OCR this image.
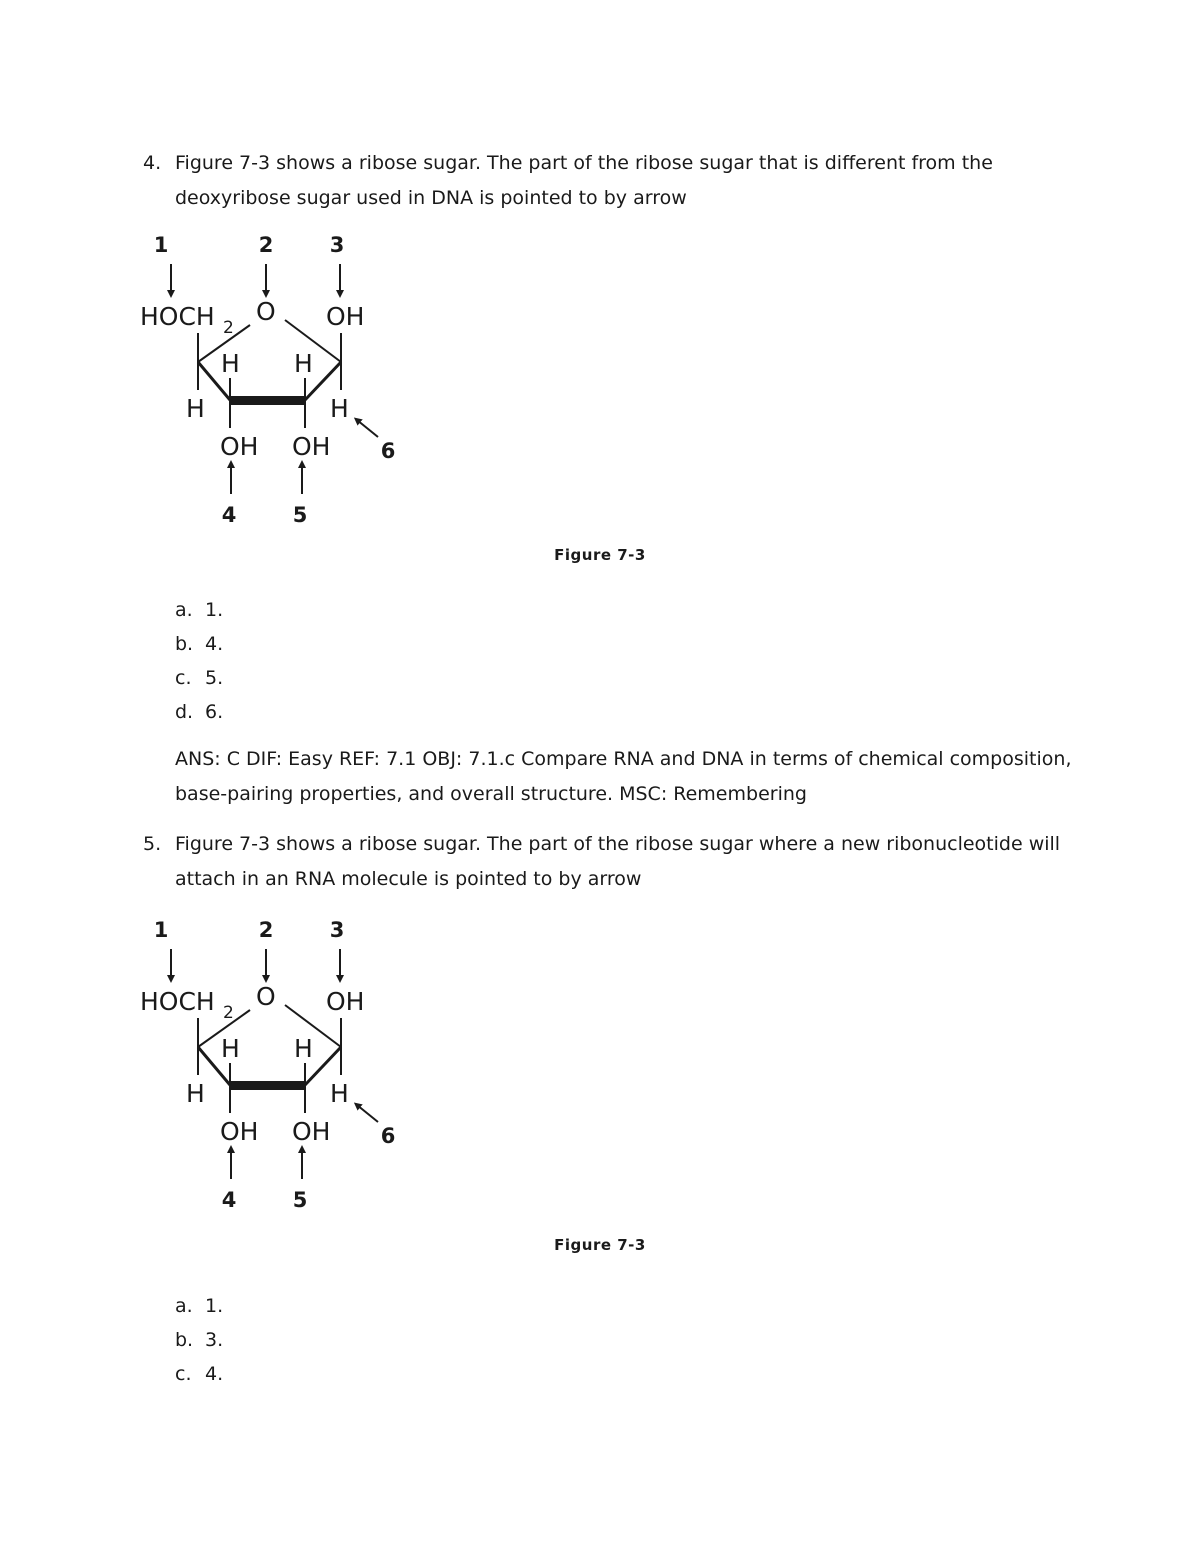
4. Figure 7-3 shows a ribose sugar. The part of the ribose sugar that is different from the deoxyribose sugar used in DNA is pointed to by arrow
1	2	3
HOCH 2
O OH
H H
H	H
OH OH 6
4	5
Figure 7-3
a. 1.
b. 4.
c. 5.
d. 6.
ANS: C DIF: Easy REF: 7.1 OBJ: 7.1.c Compare RNA and DNA in terms of chemical composition, base-pairing properties, and overall structure. MSC: Remembering
5. Figure 7-3 shows a ribose sugar. The part of the ribose sugar where a new ribonucleotide will attach in an RNA molecule is pointed to by arrow
1	2	3
HOCH 2
O OH
H H
H	H
OH OH 6
4	5
Figure 7-3
a. 1.
b. 3.
c. 4.
